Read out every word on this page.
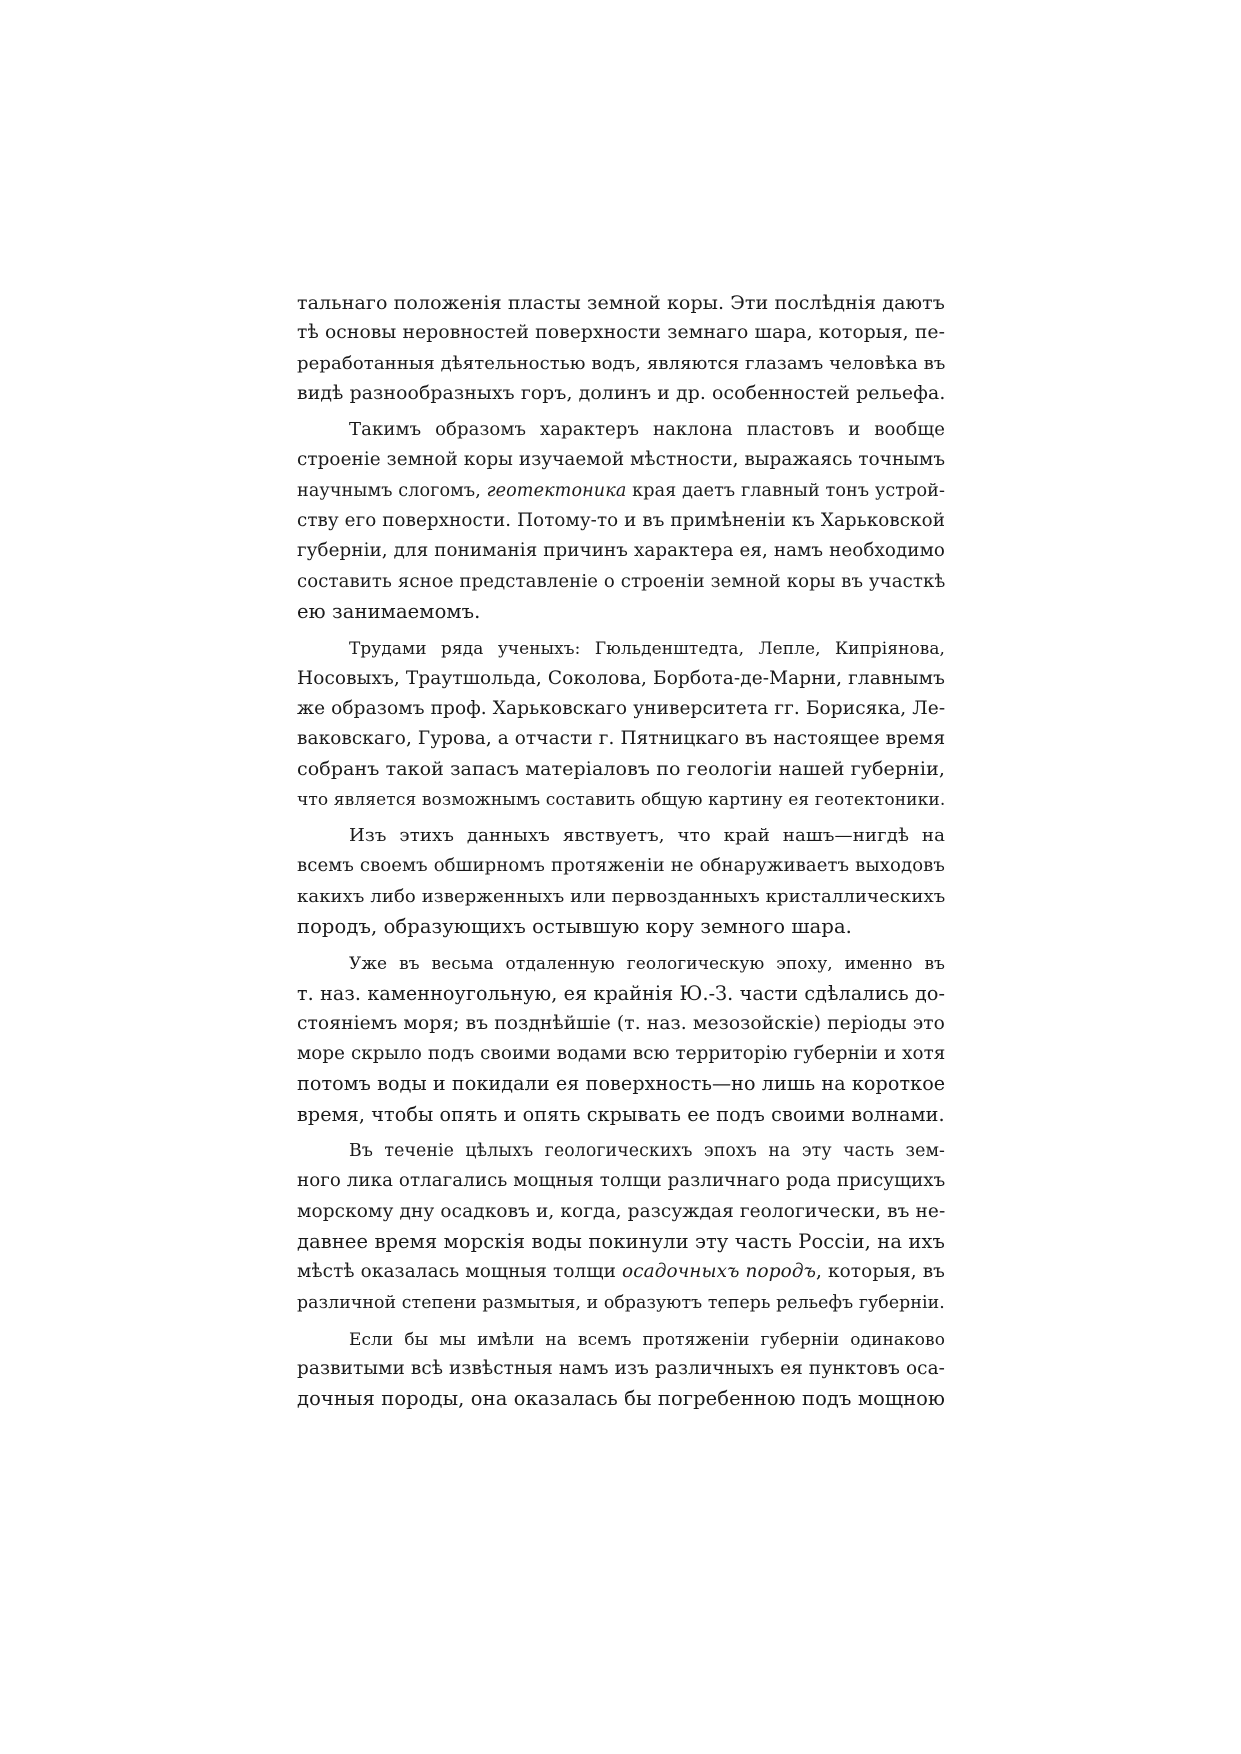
тальнаго положенія пласты земной коры. Эти послѣднія даютъ
тѣ основы неровностей поверхности земнаго шара, которыя, пе-
реработанныя дѣятельностью водъ, являются глазамъ человѣка въ
видѣ разнообразныхъ горъ, долинъ и др. особенностей рельефа.
Такимъ образомъ характеръ наклона пластовъ и вообще
строеніе земной коры изучаемой мѣстности, выражаясь точнымъ
научнымъ слогомъ, геотектоника края даетъ главный тонъ устрой-
ству его поверхности. Потому-то и въ примѣненіи къ Харьковской
губерніи, для пониманія причинъ характера ея, намъ необходимо
составить ясное представленіе о строеніи земной коры въ участкѣ
ею занимаемомъ.
Трудами ряда ученыхъ: Гюльденштедта, Лепле, Кипріянова,
Носовыхъ, Траутшольда, Соколова, Борбота-де-Марни, главнымъ
же образомъ проф. Харьковскаго университета гг. Борисяка, Ле-
ваковскаго, Гурова, а отчасти г. Пятницкаго въ настоящее время
собранъ такой запасъ матеріаловъ по геологіи нашей губерніи,
что является возможнымъ составить общую картину ея геотектоники.
Изъ этихъ данныхъ явствуетъ, что край нашъ—нигдѣ на
всемъ своемъ обширномъ протяженіи не обнаруживаетъ выходовъ
какихъ либо изверженныхъ или первозданныхъ кристаллическихъ
породъ, образующихъ остывшую кору земного шара.
Уже въ весьма отдаленную геологическую эпоху, именно въ
т. наз. каменноугольную, ея крайнія Ю.-З. части сдѣлались до-
стояніемъ моря; въ позднѣйшіе (т. наз. мезозойскіе) періоды это
море скрыло подъ своими водами всю территорію губерніи и хотя
потомъ воды и покидали ея поверхность—но лишь на короткое
время, чтобы опять и опять скрывать ее подъ своими волнами.
Въ теченіе цѣлыхъ геологическихъ эпохъ на эту часть зем-
ного лика отлагались мощныя толщи различнаго рода присущихъ
морскому дну осадковъ и, когда, разсуждая геологически, въ не-
давнее время морскія воды покинули эту часть Россіи, на ихъ
мѣстѣ оказалась мощныя толщи осадочныхъ породъ, которыя, въ
различной степени размытыя, и образуютъ теперь рельефъ губерніи.
Если бы мы имѣли на всемъ протяженіи губерніи одинаково
развитыми всѣ извѣстныя намъ изъ различныхъ ея пунктовъ оса-
дочныя породы, она оказалась бы погребенною подъ мощною
